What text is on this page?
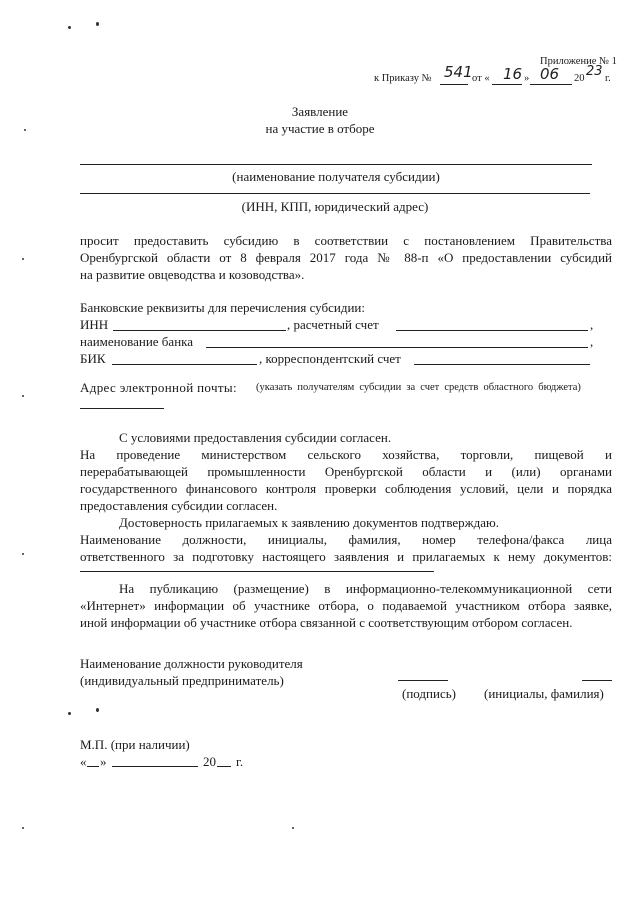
Приложение № 1
к Приказу № 541 от « 16 » 06 20 23 г.
Заявление
на участие в отборе
(наименование получателя субсидии)
(ИНН, КПП, юридический адрес)
просит предоставить субсидию в соответствии с постановлением Правительства
Оренбургской области от 8 февраля 2017 года № 88-п «О предоставлении субсидий
на развитие овцеводства и козоводства».
Банковские реквизиты для перечисления субсидии:
ИНН	, расчетный счет	,
наименование банка	,
БИК	, корреспондентский счет
Адрес электронной почты: (указать получателям субсидии за счет средств областного бюджета)
С условиями предоставления субсидии согласен.
На проведение министерством сельского хозяйства, торговли, пищевой и
перерабатывающей промышленности Оренбургской области и (или) органами
государственного финансового контроля проверки соблюдения условий, цели и порядка
предоставления субсидии согласен.
Достоверность прилагаемых к заявлению документов подтверждаю.
Наименование должности, инициалы, фамилия, номер телефона/факса лица
ответственного за подготовку настоящего заявления и прилагаемых к нему документов:
На публикацию (размещение) в информационно-телекоммуникационной сети
«Интернет» информации об участнике отбора, о подаваемой участником отбора заявке,
иной информации об участнике отбора связанной с соответствующим отбором согласен.
Наименование должности руководителя
(индивидуальный предприниматель)
(подпись) (инициалы, фамилия)
М.П. (при наличии)
« »	20 г.
